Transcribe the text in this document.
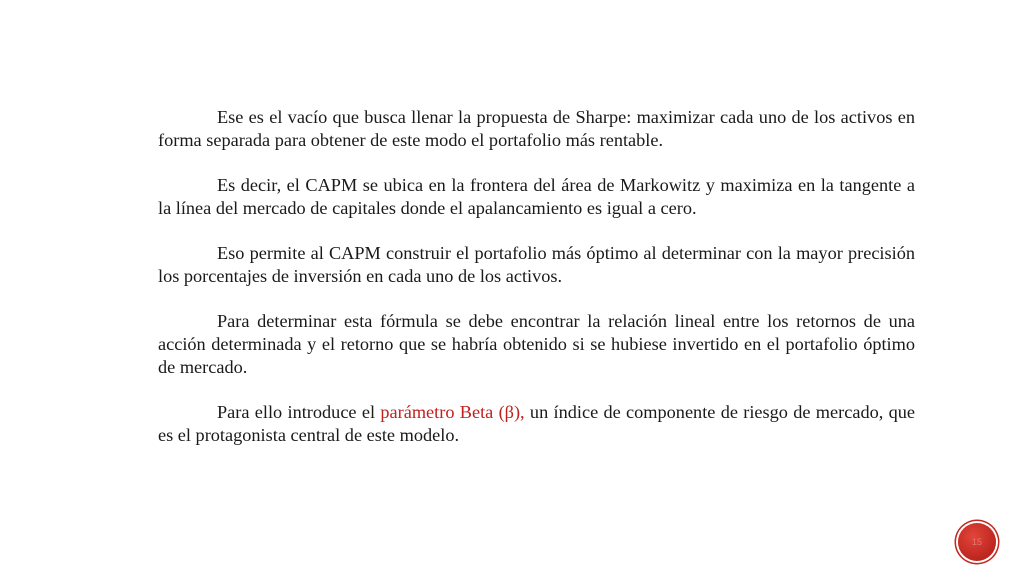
Ese es el vacío que busca llenar la propuesta de Sharpe: maximizar cada uno de los activos en forma separada para obtener de este modo el portafolio más rentable.

Es decir, el CAPM se ubica en la frontera del área de Markowitz y maximiza en la tangente a la línea del mercado de capitales donde el apalancamiento es igual a cero.

Eso permite al CAPM construir el portafolio más óptimo al determinar con la mayor precisión los porcentajes de inversión en cada uno de los activos.

Para determinar esta fórmula se debe encontrar la relación lineal entre los retornos de una acción determinada y el retorno que se habría obtenido si se hubiese invertido en el portafolio óptimo de mercado.

Para ello introduce el parámetro Beta (β), un índice de componente de riesgo de mercado, que es el protagonista central de este modelo.

15
